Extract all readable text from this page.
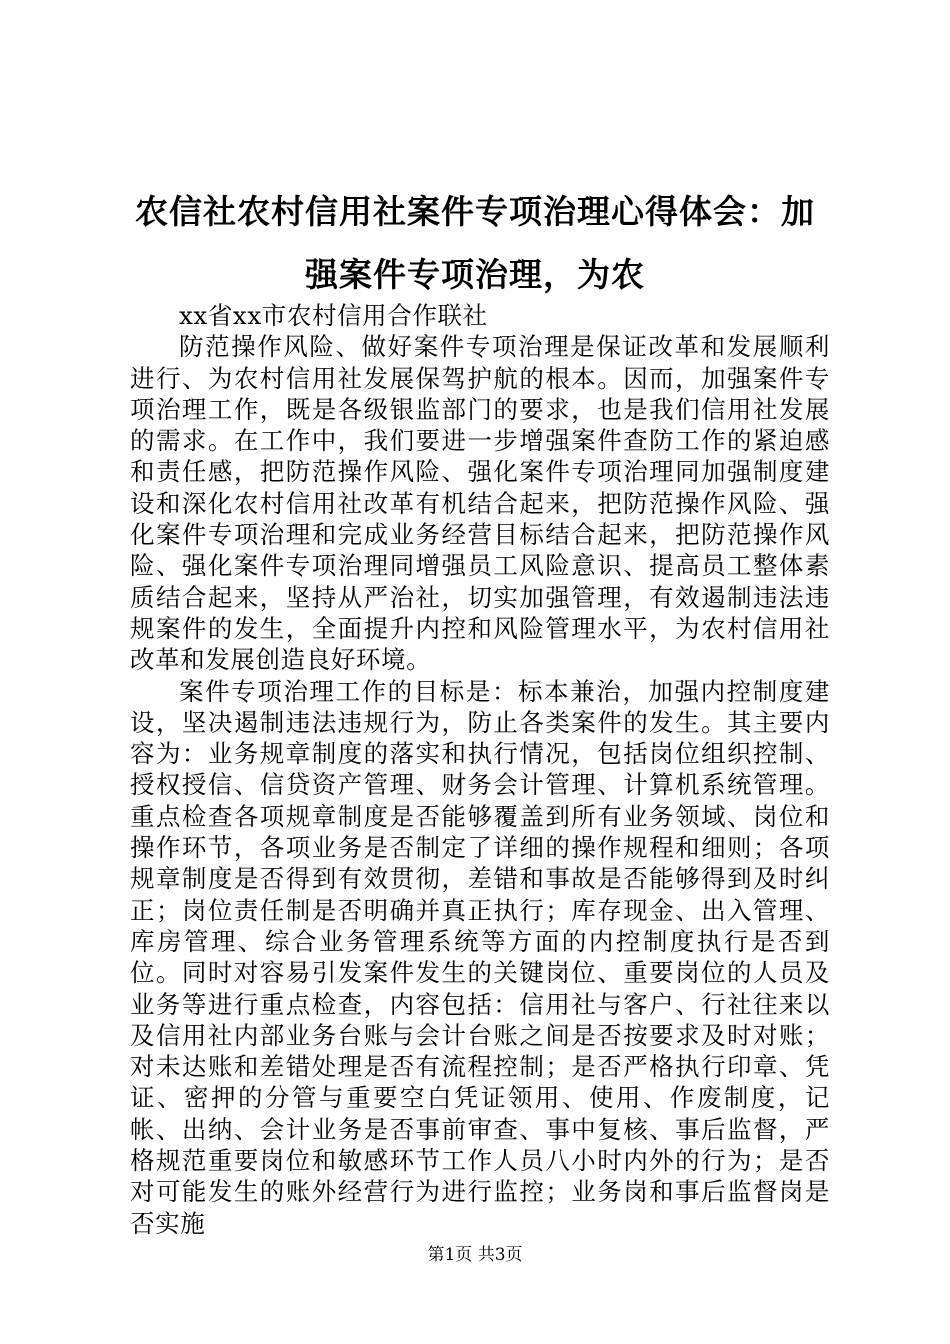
农信社农村信用社案件专项治理心得体会：加强案件专项治理，为农

xx省xx市农村信用合作联社

防范操作风险、做好案件专项治理是保证改革和发展顺利进行、为农村信用社发展保驾护航的根本。因而，加强案件专项治理工作，既是各级银监部门的要求，也是我们信用社发展的需求。在工作中，我们要进一步增强案件查防工作的紧迫感和责任感，把防范操作风险、强化案件专项治理同加强制度建设和深化农村信用社改革有机结合起来，把防范操作风险、强化案件专项治理和完成业务经营目标结合起来，把防范操作风险、强化案件专项治理同增强员工风险意识、提高员工整体素质结合起来，坚持从严治社，切实加强管理，有效遏制违法违规案件的发生，全面提升内控和风险管理水平，为农村信用社改革和发展创造良好环境。

案件专项治理工作的目标是：标本兼治，加强内控制度建设，坚决遏制违法违规行为，防止各类案件的发生。其主要内容为：业务规章制度的落实和执行情况，包括岗位组织控制、授权授信、信贷资产管理、财务会计管理、计算机系统管理。重点检查各项规章制度是否能够覆盖到所有业务领域、岗位和操作环节，各项业务是否制定了详细的操作规程和细则；各项规章制度是否得到有效贯彻，差错和事故是否能够得到及时纠正；岗位责任制是否明确并真正执行；库存现金、出入管理、库房管理、综合业务管理系统等方面的内控制度执行是否到位。同时对容易引发案件发生的关键岗位、重要岗位的人员及业务等进行重点检查，内容包括：信用社与客户、行社往来以及信用社内部业务台账与会计台账之间是否按要求及时对账；对未达账和差错处理是否有流程控制；是否严格执行印章、凭证、密押的分管与重要空白凭证领用、使用、作废制度，记帐、出纳、会计业务是否事前审查、事中复核、事后监督，严格规范重要岗位和敏感环节工作人员八小时内外的行为；是否对可能发生的账外经营行为进行监控；业务岗和事后监督岗是否实施

第1页 共3页
